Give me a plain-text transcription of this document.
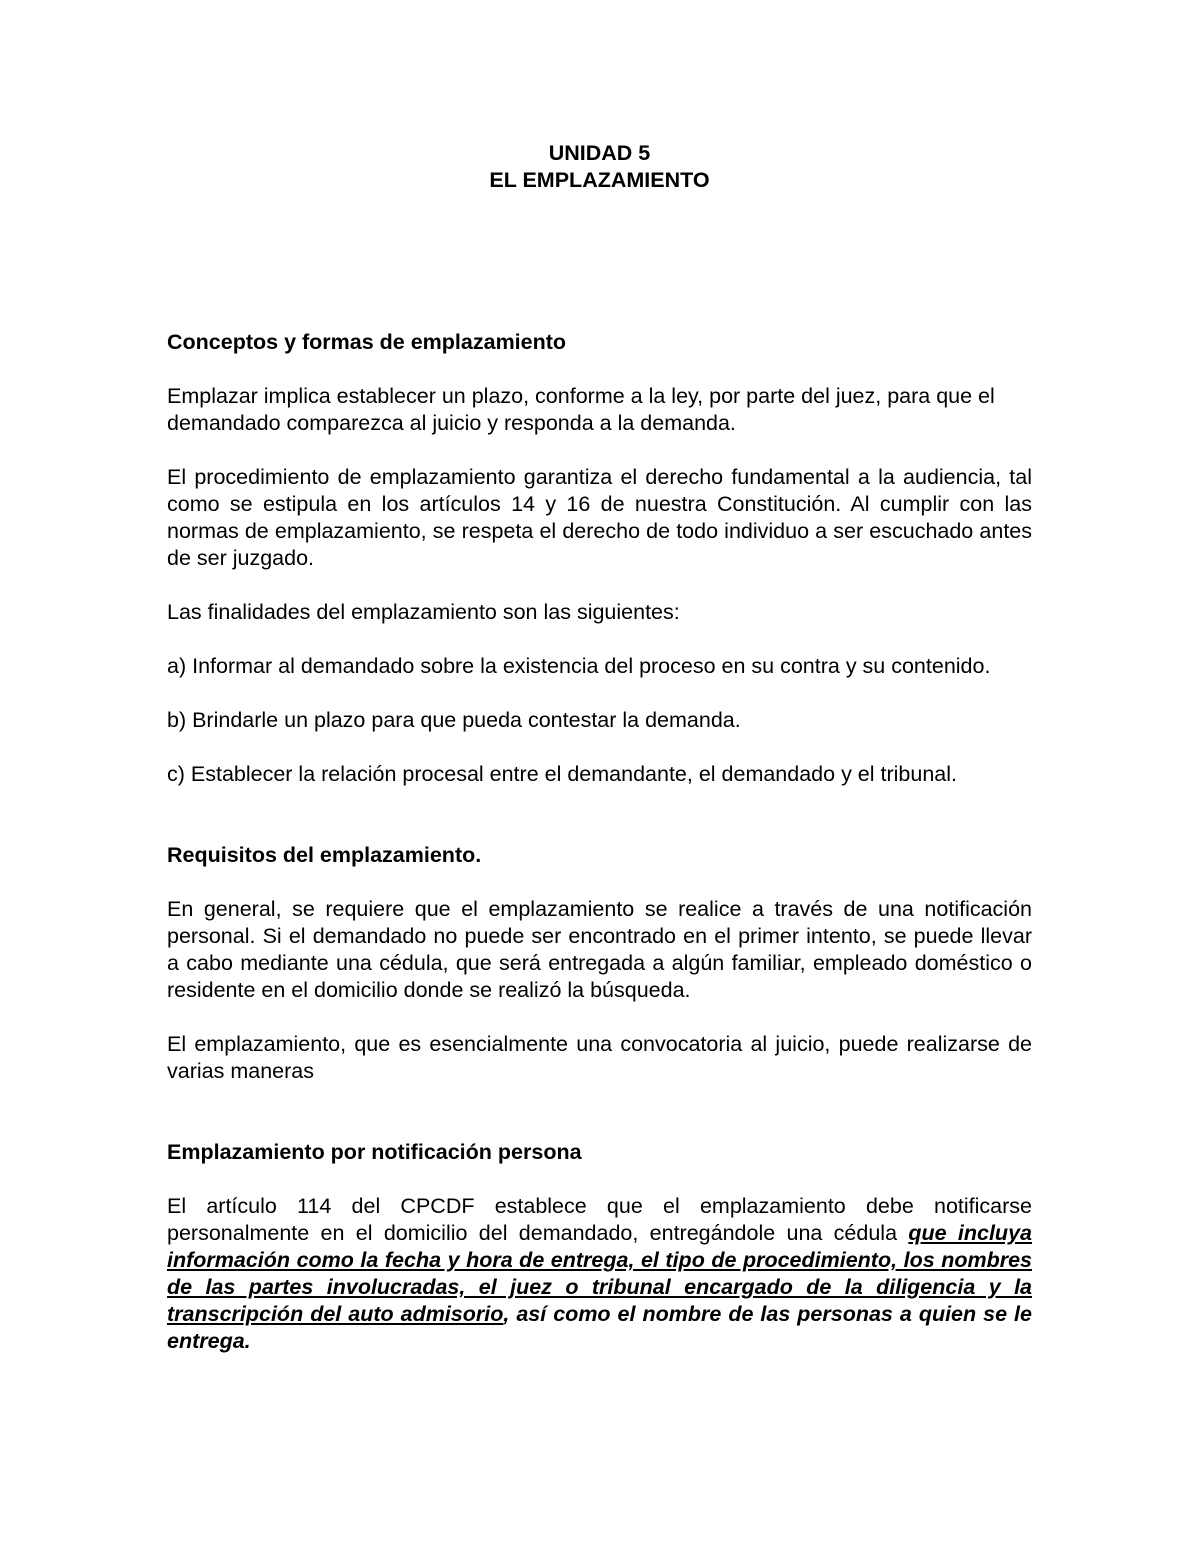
UNIDAD 5
EL EMPLAZAMIENTO
Conceptos y formas de emplazamiento

Emplazar implica establecer un plazo, conforme a la ley, por parte del juez, para que el demandado comparezca al juicio y responda a la demanda.

El procedimiento de emplazamiento garantiza el derecho fundamental a la audiencia, tal como se estipula en los artículos 14 y 16 de nuestra Constitución. Al cumplir con las normas de emplazamiento, se respeta el derecho de todo individuo a ser escuchado antes de ser juzgado.

Las finalidades del emplazamiento son las siguientes:

a) Informar al demandado sobre la existencia del proceso en su contra y su contenido.

b) Brindarle un plazo para que pueda contestar la demanda.

c) Establecer la relación procesal entre el demandante, el demandado y el tribunal.

Requisitos del emplazamiento.

En general, se requiere que el emplazamiento se realice a través de una notificación personal. Si el demandado no puede ser encontrado en el primer intento, se puede llevar a cabo mediante una cédula, que será entregada a algún familiar, empleado doméstico o residente en el domicilio donde se realizó la búsqueda.

El emplazamiento, que es esencialmente una convocatoria al juicio, puede realizarse de varias maneras

Emplazamiento por notificación persona

El artículo 114 del CPCDF establece que el emplazamiento debe notificarse personalmente en el domicilio del demandado, entregándole una cédula que incluya información como la fecha y hora de entrega, el tipo de procedimiento, los nombres de las partes involucradas, el juez o tribunal encargado de la diligencia y la transcripción del auto admisorio, así como el nombre de las personas a quien se le entrega.
